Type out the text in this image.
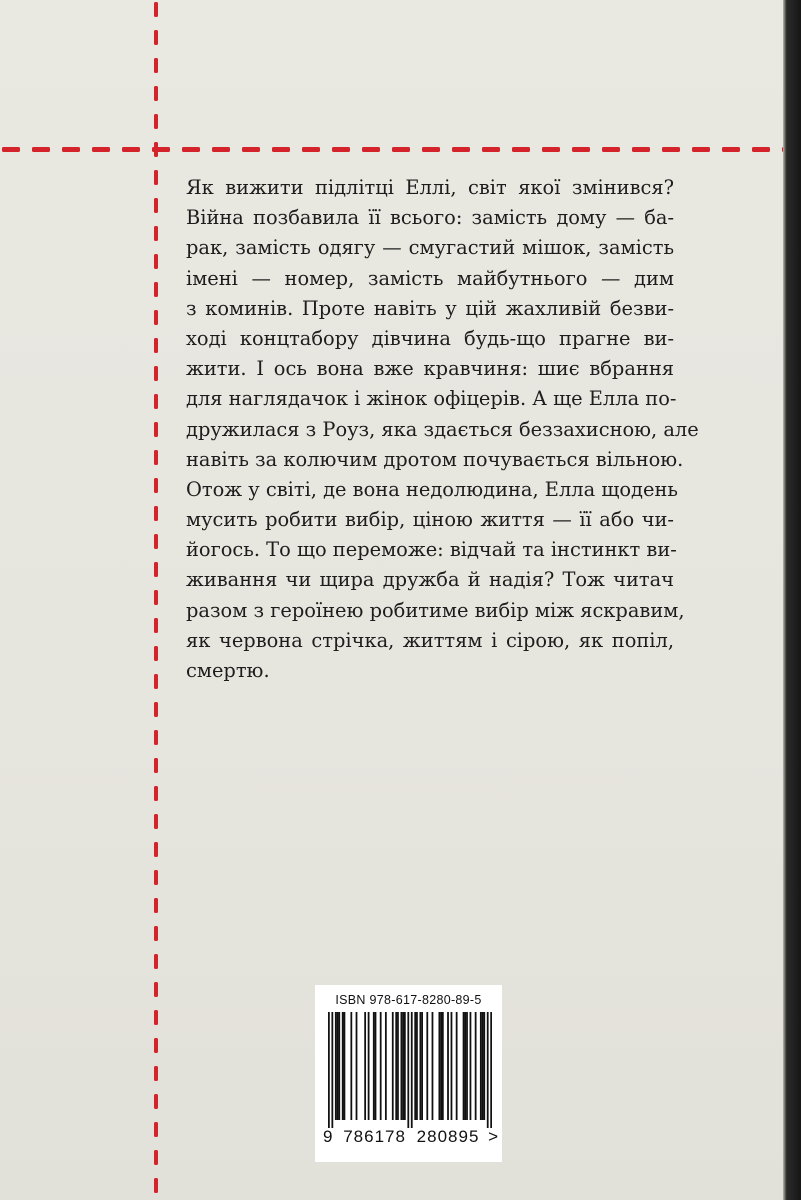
Як вижити підлітці Еллі, світ якої змінився?
Війна позбавила її всього: замість дому — ба-
рак, замість одягу — смугастий мішок, замість
імені — номер, замість майбутнього — дим
з коминів. Проте навіть у цій жахливій безви-
ході концтабору дівчина будь-що прагне ви-
жити. І ось вона вже кравчиня: шиє вбрання
для наглядачок і жінок офіцерів. А ще Елла по-
дружилася з Роуз, яка здається беззахисною, але
навіть за колючим дротом почувається вільною.
Отож у світі, де вона недолюдина, Елла щодень
мусить робити вибір, ціною життя — її або чи-
йогось. То що переможе: відчай та інстинкт ви-
живання чи щира дружба й надія? Тож читач
разом з героїнею робитиме вибір між яскравим,
як червона стрічка, життям і сірою, як попіл,
смертю.
ISBN 978-617-8280-89-5
9 786178 280895 >
